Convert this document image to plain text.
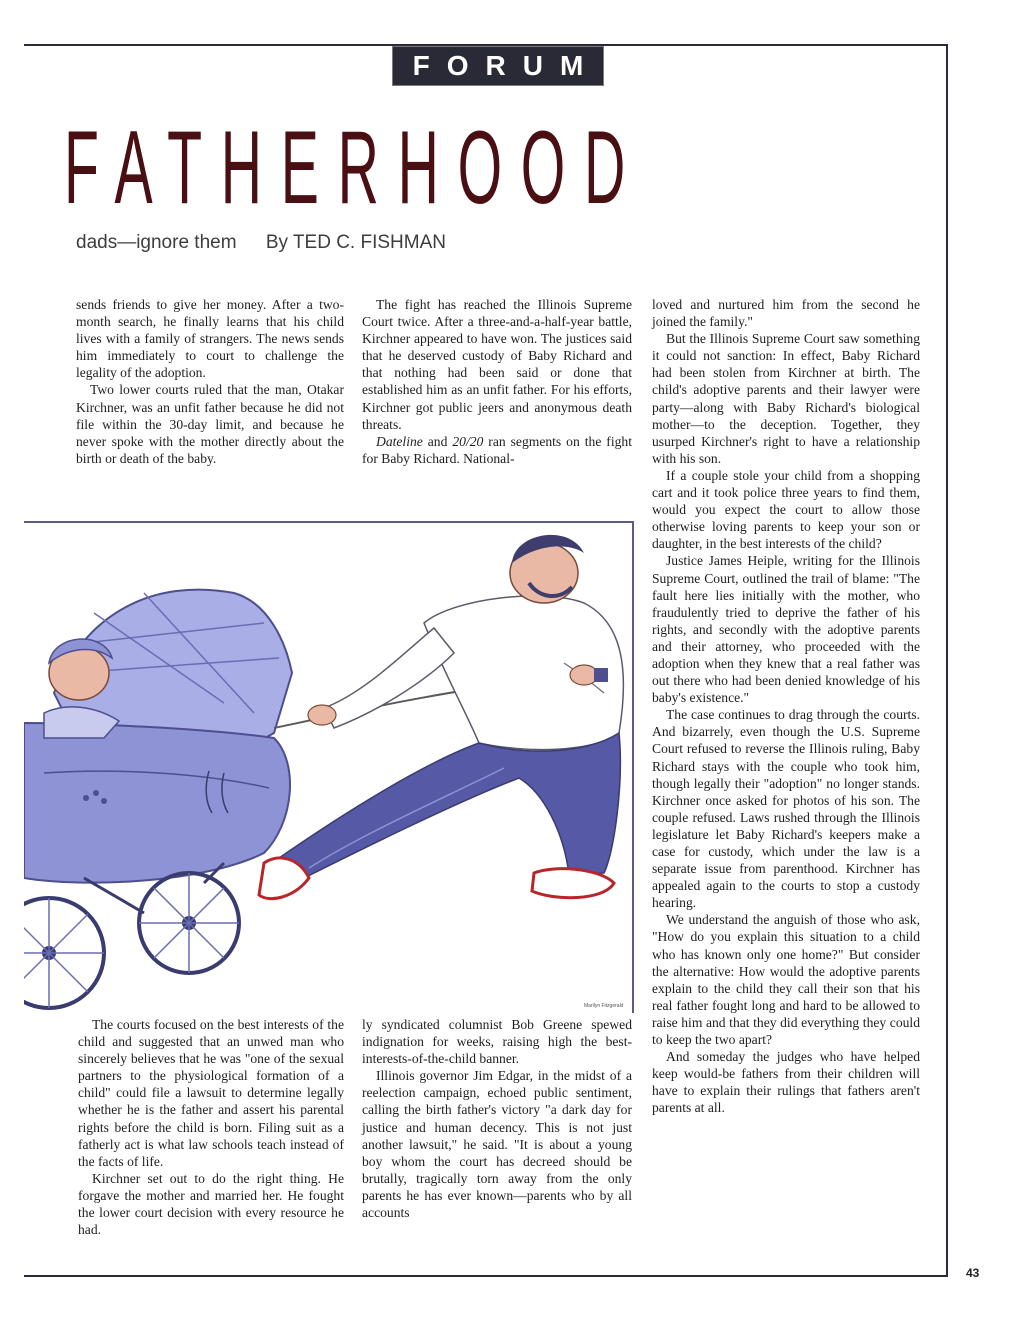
FORUM
FATHERHOOD
dads—ignore them By TED C. FISHMAN

sends friends to give her money. After a two-month search, he finally learns that his child lives with a family of strangers. The news sends him immediately to court to challenge the legality of the adoption.

Two lower courts ruled that the man, Otakar Kirchner, was an unfit father because he did not file within the 30-day limit, and because he never spoke with the mother directly about the birth or death of the baby.

The fight has reached the Illinois Supreme Court twice. After a three-and-a-half-year battle, Kirchner appeared to have won. The justices said that he deserved custody of Baby Richard and that nothing had been said or done that established him as an unfit father. For his efforts, Kirchner got public jeers and anonymous death threats.

Dateline and 20/20 ran segments on the fight for Baby Richard. National-

loved and nurtured him from the second he joined the family."

But the Illinois Supreme Court saw something it could not sanction: In effect, Baby Richard had been stolen from Kirchner at birth. The child's adoptive parents and their lawyer were party—along with Baby Richard's biological mother—to the deception. Together, they usurped Kirchner's right to have a relationship with his son.

If a couple stole your child from a shopping cart and it took police three years to find them, would you expect the court to allow those otherwise loving parents to keep your son or daughter, in the best interests of the child?

Justice James Heiple, writing for the Illinois Supreme Court, outlined the trail of blame: "The fault here lies initially with the mother, who fraudulently tried to deprive the father of his rights, and secondly with the adoptive parents and their attorney, who proceeded with the adoption when they knew that a real father was out there who had been denied knowledge of his baby's existence."

The case continues to drag through the courts. And bizarrely, even though the U.S. Supreme Court refused to reverse the Illinois ruling, Baby Richard stays with the couple who took him, though legally their "adoption" no longer stands. Kirchner once asked for photos of his son. The couple refused. Laws rushed through the Illinois legislature let Baby Richard's keepers make a case for custody, which under the law is a separate issue from parenthood. Kirchner has appealed again to the courts to stop a custody hearing.

We understand the anguish of those who ask, "How do you explain this situation to a child who has known only one home?" But consider the alternative: How would the adoptive parents explain to the child they call their son that his real father fought long and hard to be allowed to raise him and that they did everything they could to keep the two apart?

And someday the judges who have helped keep would-be fathers from their children will have to explain their rulings that fathers aren't parents at all.

Marilyn Fitzgerald

The courts focused on the best interests of the child and suggested that an unwed man who sincerely believes that he was "one of the sexual partners to the physiological formation of a child" could file a lawsuit to determine legally whether he is the father and assert his parental rights before the child is born. Filing suit as a fatherly act is what law schools teach instead of the facts of life.

Kirchner set out to do the right thing. He forgave the mother and married her. He fought the lower court decision with every resource he had.

ly syndicated columnist Bob Greene spewed indignation for weeks, raising high the best-interests-of-the-child banner.

Illinois governor Jim Edgar, in the midst of a reelection campaign, echoed public sentiment, calling the birth father's victory "a dark day for justice and human decency. This is not just another lawsuit," he said. "It is about a young boy whom the court has decreed should be brutally, tragically torn away from the only parents he has ever known—parents who by all accounts

43
